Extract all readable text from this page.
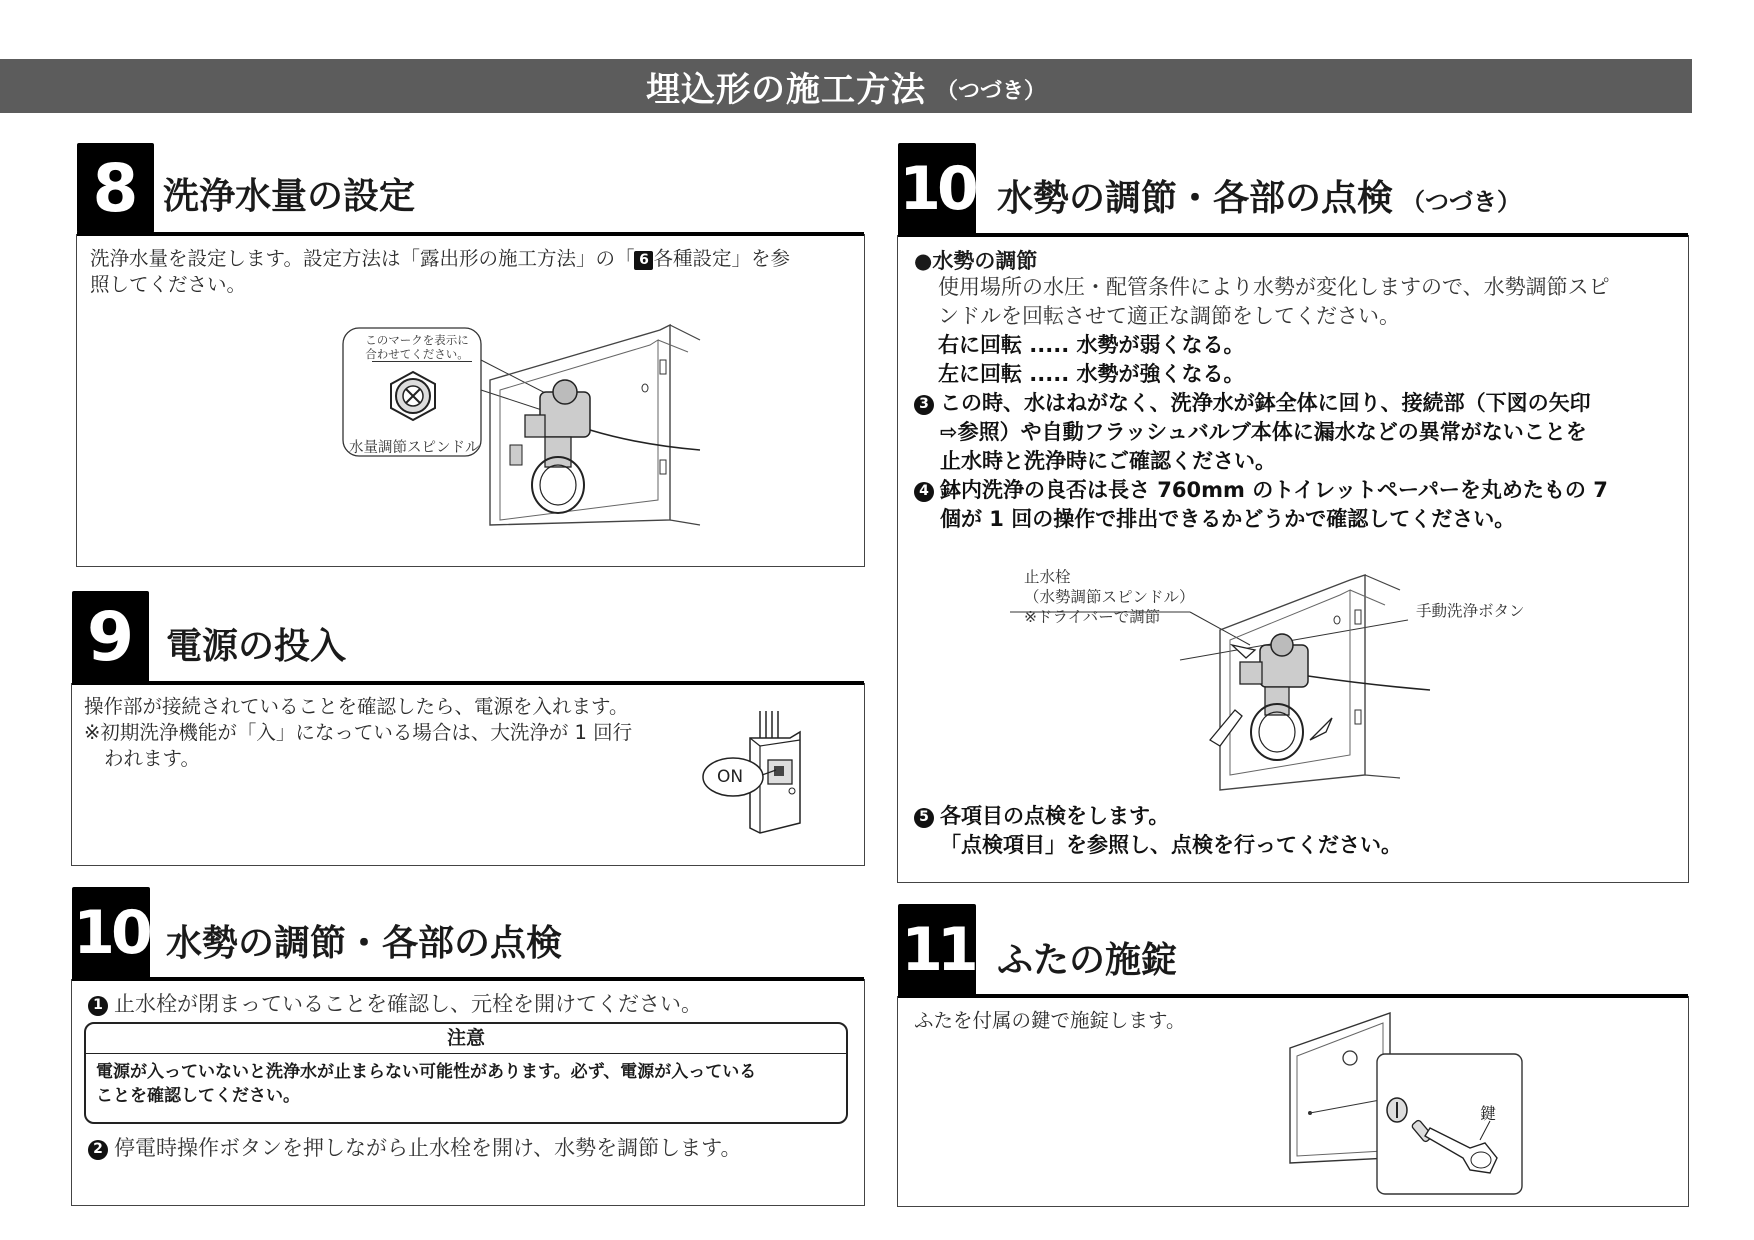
埋込形の施工方法 （つづき）
8 洗浄水量の設定
洗浄水量を設定します。設定方法は「露出形の施工方法」の「 6 各種設定」を参
照してください。
このマークを表示に
合わせてください。
水量調節スピンドル
9 電源の投入
操作部が接続されていることを確認したら、電源を入れます。
※初期洗浄機能が「入」になっている場合は、大洗浄が 1 回行
われます。
ON
10 水勢の調節・各部の点検
1 止水栓が閉まっていることを確認し、元栓を開けてください。
注意
電源が入っていないと洗浄水が止まらない可能性があります。必ず、電源が入っている
ことを確認してください。
2 停電時操作ボタンを押しながら止水栓を開け、水勢を調節します。
10 水勢の調節・各部の点検 （つづき）
●水勢の調節
使用場所の水圧・配管条件により水勢が変化しますので、水勢調節スピ
ンドルを回転させて適正な調節をしてください。
右に回転 ..... 水勢が弱くなる。
左に回転 ..... 水勢が強くなる。
3 この時、水はねがなく、洗浄水が鉢全体に回り、接続部（下図の矢印
⇨参照）や自動フラッシュバルブ本体に漏水などの異常がないことを
止水時と洗浄時にご確認ください。
4 鉢内洗浄の良否は長さ 760mm のトイレットペーパーを丸めたもの 7
個が 1 回の操作で排出できるかどうかで確認してください。
止水栓
（水勢調節スピンドル）
※ドライバーで調節	手動洗浄ボタン
5 各項目の点検をします。
「点検項目」を参照し、点検を行ってください。
11 ふたの施錠
ふたを付属の鍵で施錠します。
鍵
